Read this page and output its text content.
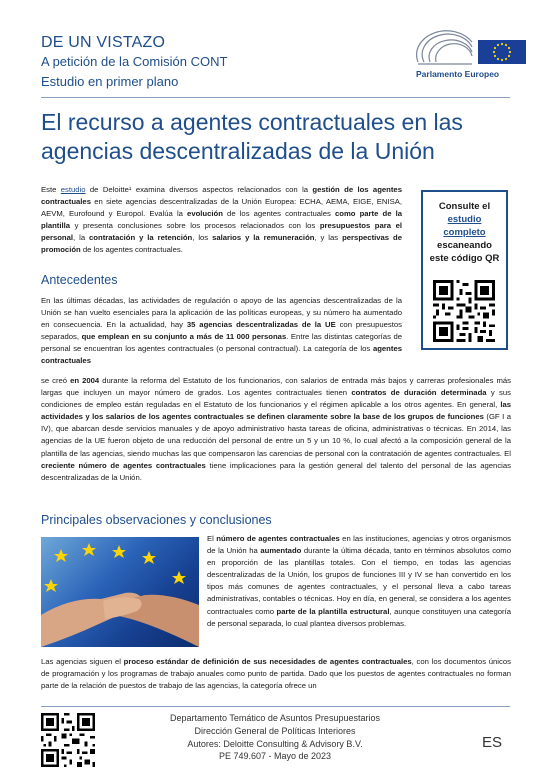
DE UN VISTAZO
A petición de la Comisión CONT
Estudio en primer plano	Parlamento Europeo
El recurso a agentes contractuales en las agencias descentralizadas de la Unión
Este estudio de Deloitte¹ examina diversos aspectos relacionados con la gestión de los agentes contractuales en siete agencias descentralizadas de la Unión Europea: ECHA, AEMA, EIGE, ENISA, AEVM, Eurofound y Europol. Evalúa la evolución de los agentes contractuales como parte de la plantilla y presenta conclusiones sobre los procesos relacionados con los presupuestos para el personal, la contratación y la retención, los salarios y la remuneración, y las perspectivas de promoción de los agentes contractuales.
Consulte el
estudio
completo
escaneando
este código QR
Antecedentes
En las últimas décadas, las actividades de regulación o apoyo de las agencias descentralizadas de la Unión se han vuelto esenciales para la aplicación de las políticas europeas, y su número ha aumentado en consecuencia. En la actualidad, hay 35 agencias descentralizadas de la UE con presupuestos separados, que emplean en su conjunto a más de 11 000 personas. Entre las distintas categorías de personal se encuentran los agentes contractuales (o personal contractual). La categoría de los agentes contractuales
se creó en 2004 durante la reforma del Estatuto de los funcionarios, con salarios de entrada más bajos y carreras profesionales más largas que incluyen un mayor número de grados. Los agentes contractuales tienen contratos de duración determinada y sus condiciones de empleo están reguladas en el Estatuto de los funcionarios y el régimen aplicable a los otros agentes. En general, las actividades y los salarios de los agentes contractuales se definen claramente sobre la base de los grupos de funciones (GF I a IV), que abarcan desde servicios manuales y de apoyo administrativo hasta tareas de oficina, administrativas o técnicas. En 2014, las agencias de la UE fueron objeto de una reducción del personal de entre un 5 y un 10 %, lo cual afectó a la composición general de la plantilla de las agencias, siendo muchas las que compensaron las carencias de personal con la contratación de agentes contractuales. El creciente número de agentes contractuales tiene implicaciones para la gestión general del talento del personal de las agencias descentralizadas de la Unión.
Principales observaciones y conclusiones
El número de agentes contractuales en las instituciones, agencias y otros organismos de la Unión ha aumentado durante la última década, tanto en términos absolutos como en proporción de las plantillas totales. Con el tiempo, en todas las agencias descentralizadas de la Unión, los grupos de funciones III y IV se han convertido en los tipos más comunes de agentes contractuales, y el personal lleva a cabo tareas administrativas, contables o técnicas. Hoy en día, en general, se considera a los agentes contractuales como parte de la plantilla estructural, aunque constituyen una categoría de personal separada, lo cual plantea diversos problemas.
Las agencias siguen el proceso estándar de definición de sus necesidades de agentes contractuales, con los documentos únicos de programación y los programas de trabajo anuales como punto de partida. Dado que los puestos de agentes contractuales no forman parte de la relación de puestos de trabajo de las agencias, la categoría ofrece un
Departamento Temático de Asuntos Presupuestarios
Dirección General de Políticas Interiores
Autores: Deloitte Consulting & Advisory B.V.
PE 749.607 - Mayo de 2023
ES
